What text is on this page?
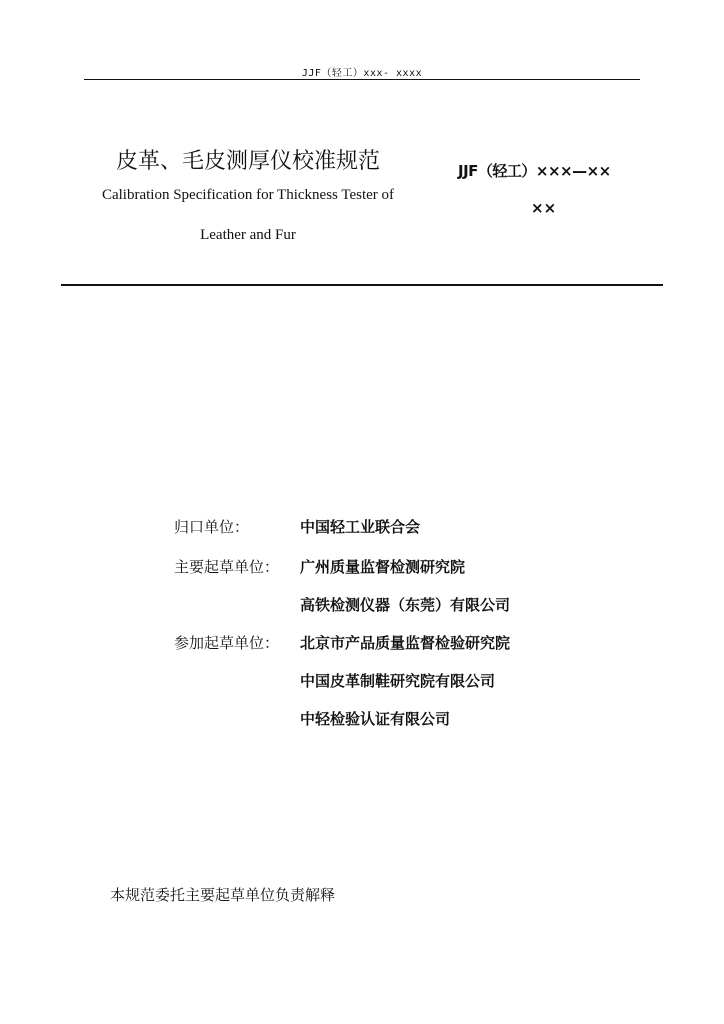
JJF（轻工）xxx- xxxx
皮革、毛皮测厚仪校准规范
Calibration Specification for Thickness Tester of
Leather and Fur
JJF（轻工）×××—××
××
归口单位：	中国轻工业联合会
主要起草单位： 广州质量监督检测研究院
高铁检测仪器（东莞）有限公司
参加起草单位： 北京市产品质量监督检验研究院
中国皮革制鞋研究院有限公司
中轻检验认证有限公司
本规范委托主要起草单位负责解释
